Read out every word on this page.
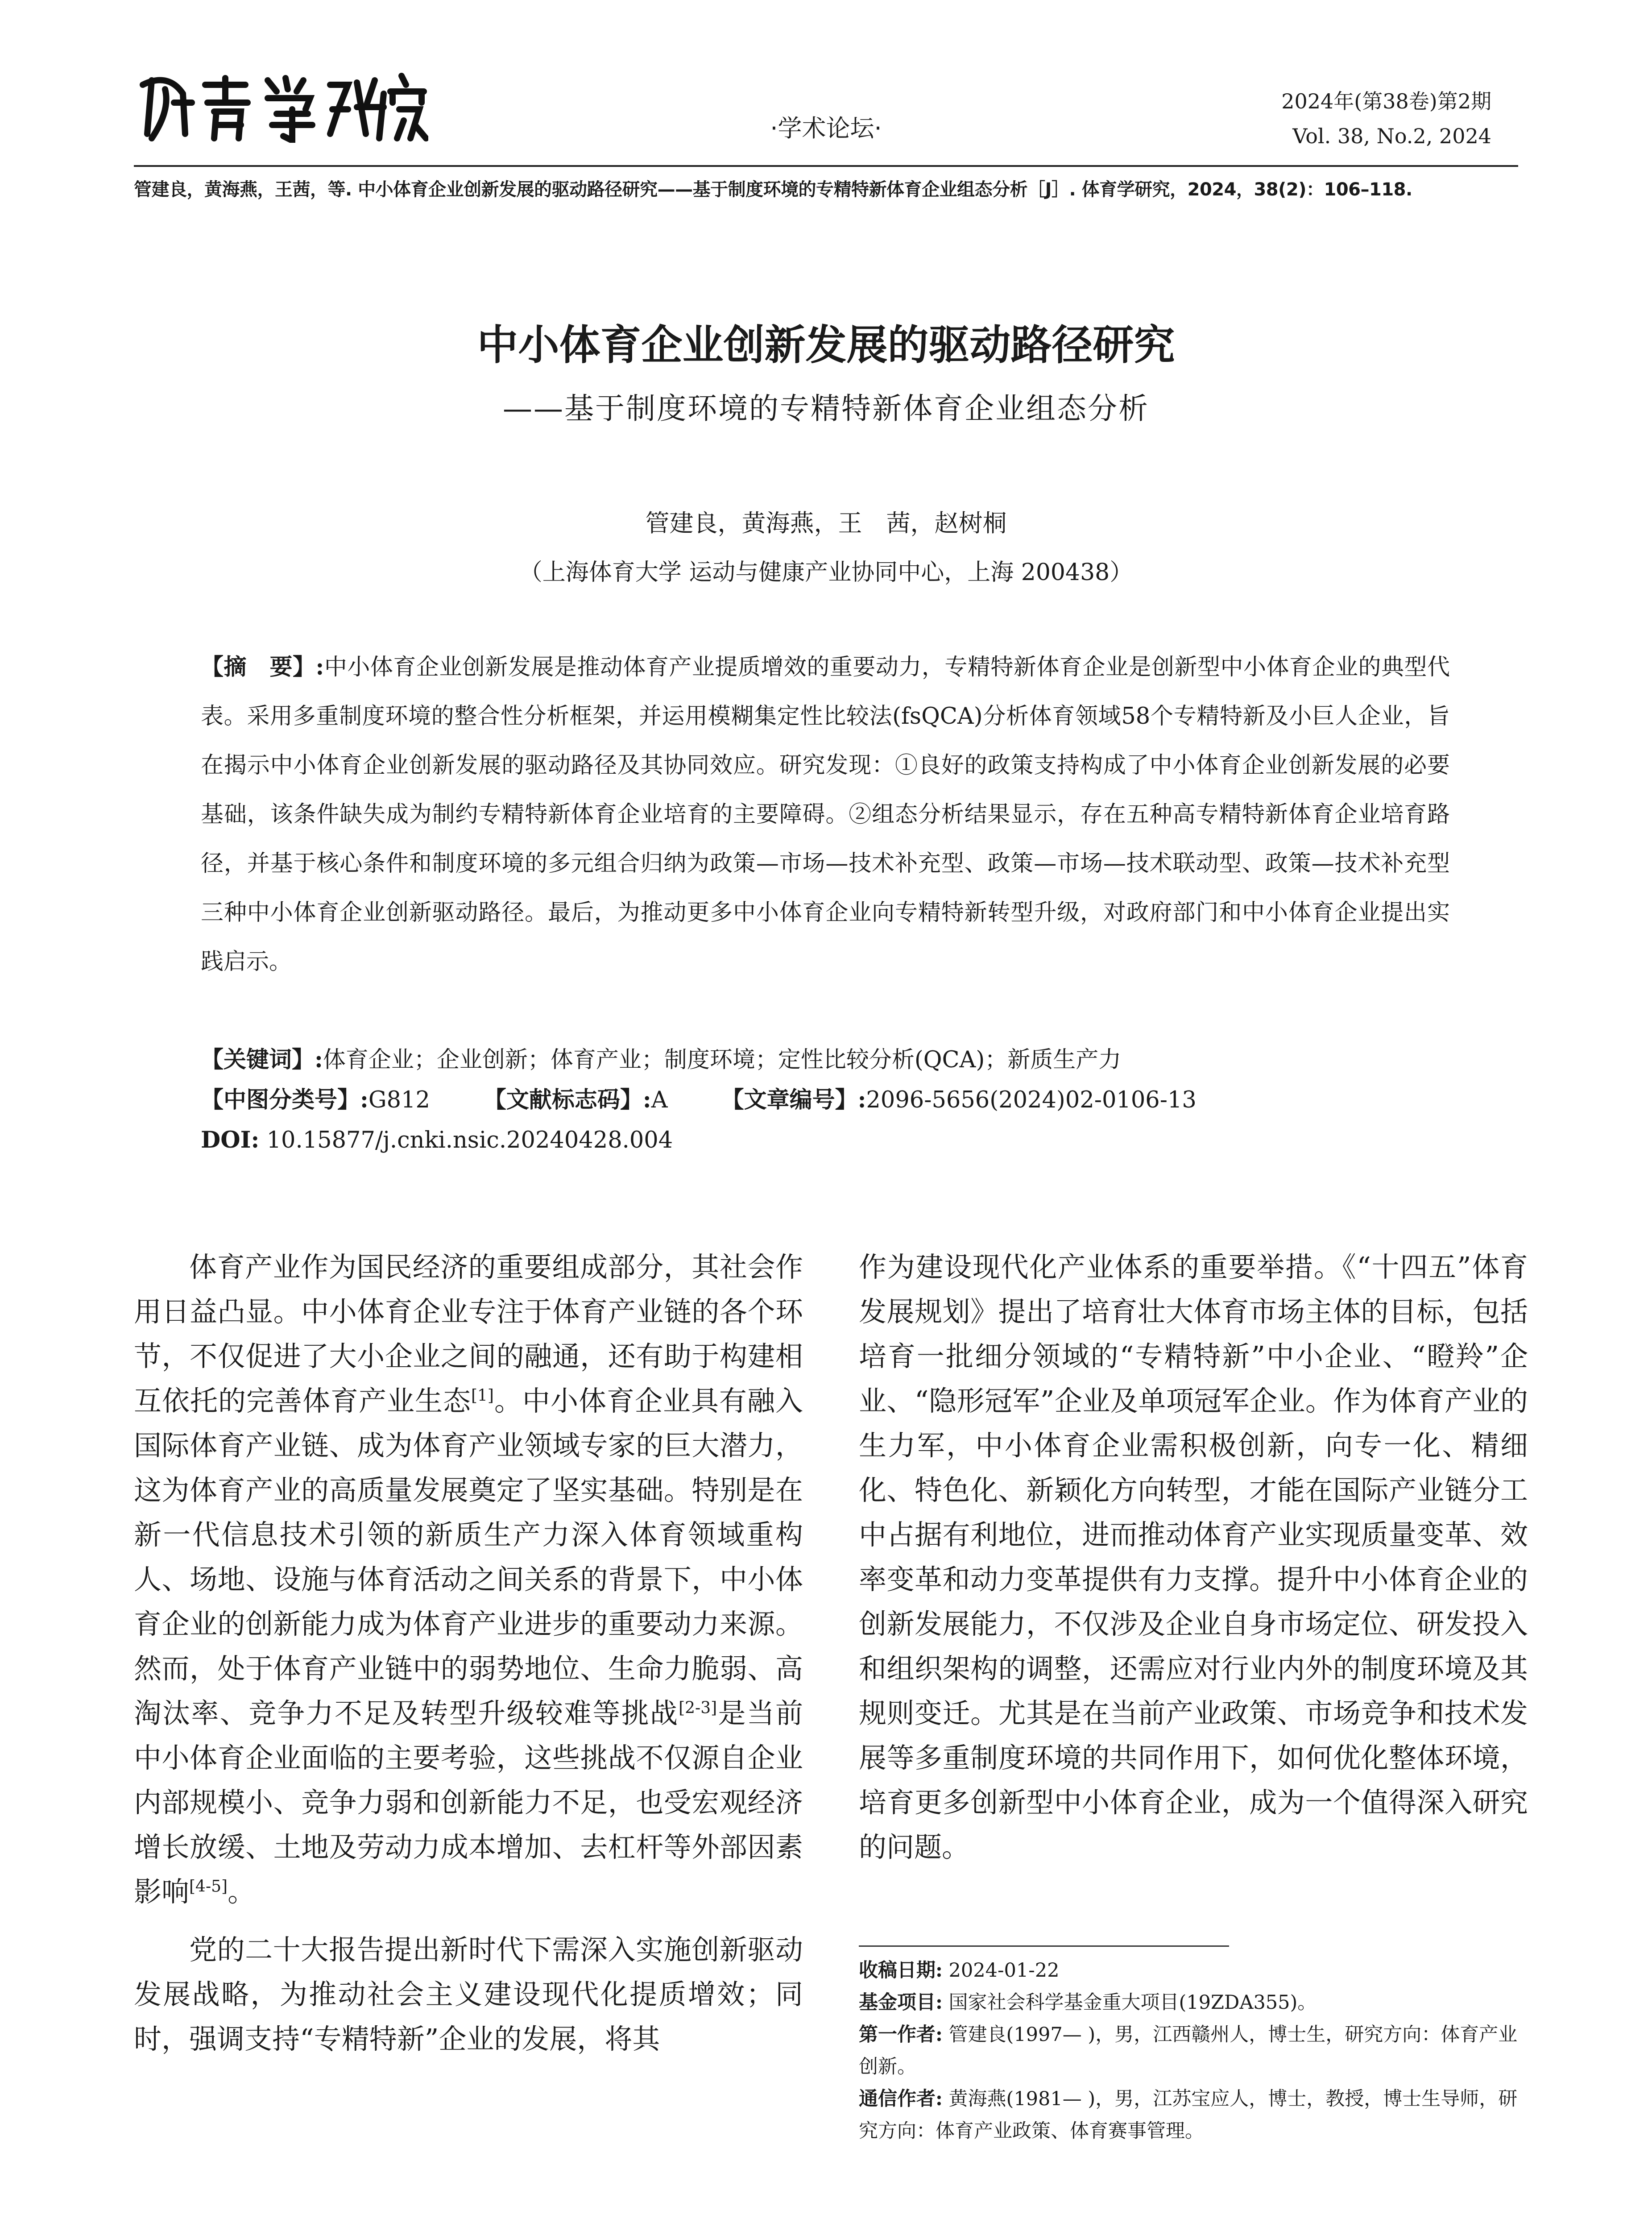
·学术论坛·
2024年(第38卷)第2期
Vol. 38, No.2, 2024
管建良，黄海燕，王茜，等. 中小体育企业创新发展的驱动路径研究——基于制度环境的专精特新体育企业组态分析［J］. 体育学研究，2024，38(2)：106–118.
中小体育企业创新发展的驱动路径研究
——基于制度环境的专精特新体育企业组态分析
管建良，黄海燕，王　茜，赵树桐
（上海体育大学 运动与健康产业协同中心，上海 200438）
【摘　要】:中小体育企业创新发展是推动体育产业提质增效的重要动力，专精特新体育企业是创新型中小体育企业的典型代表。采用多重制度环境的整合性分析框架，并运用模糊集定性比较法(fsQCA)分析体育领域58个专精特新及小巨人企业，旨在揭示中小体育企业创新发展的驱动路径及其协同效应。研究发现：①良好的政策支持构成了中小体育企业创新发展的必要基础，该条件缺失成为制约专精特新体育企业培育的主要障碍。②组态分析结果显示，存在五种高专精特新体育企业培育路径，并基于核心条件和制度环境的多元组合归纳为政策—市场—技术补充型、政策—市场—技术联动型、政策—技术补充型三种中小体育企业创新驱动路径。最后，为推动更多中小体育企业向专精特新转型升级，对政府部门和中小体育企业提出实践启示。
【关键词】:体育企业；企业创新；体育产业；制度环境；定性比较分析(QCA)；新质生产力
【中图分类号】:G812 【文献标志码】:A 【文章编号】:2096-5656(2024)02-0106-13
DOI: 10.15877/j.cnki.nsic.20240428.004

体育产业作为国民经济的重要组成部分，其社会作用日益凸显。中小体育企业专注于体育产业链的各个环节，不仅促进了大小企业之间的融通，还有助于构建相互依托的完善体育产业生态[1]。中小体育企业具有融入国际体育产业链、成为体育产业领域专家的巨大潜力，这为体育产业的高质量发展奠定了坚实基础。特别是在新一代信息技术引领的新质生产力深入体育领域重构人、场地、设施与体育活动之间关系的背景下，中小体育企业的创新能力成为体育产业进步的重要动力来源。然而，处于体育产业链中的弱势地位、生命力脆弱、高淘汰率、竞争力不足及转型升级较难等挑战[2-3]是当前中小体育企业面临的主要考验，这些挑战不仅源自企业内部规模小、竞争力弱和创新能力不足，也受宏观经济增长放缓、土地及劳动力成本增加、去杠杆等外部因素影响[4-5]。

党的二十大报告提出新时代下需深入实施创新驱动发展战略，为推动社会主义建设现代化提质增效；同时，强调支持“专精特新”企业的发展，将其

作为建设现代化产业体系的重要举措。《“十四五”体育发展规划》提出了培育壮大体育市场主体的目标，包括培育一批细分领域的“专精特新”中小企业、“瞪羚”企业、“隐形冠军”企业及单项冠军企业。作为体育产业的生力军，中小体育企业需积极创新，向专一化、精细化、特色化、新颖化方向转型，才能在国际产业链分工中占据有利地位，进而推动体育产业实现质量变革、效率变革和动力变革提供有力支撑。提升中小体育企业的创新发展能力，不仅涉及企业自身市场定位、研发投入和组织架构的调整，还需应对行业内外的制度环境及其规则变迁。尤其是在当前产业政策、市场竞争和技术发展等多重制度环境的共同作用下，如何优化整体环境，培育更多创新型中小体育企业，成为一个值得深入研究的问题。

收稿日期: 2024-01-22
基金项目: 国家社会科学基金重大项目(19ZDA355)。
第一作者: 管建良(1997— )，男，江西赣州人，博士生，研究方向：体育产业创新。
通信作者: 黄海燕(1981— )，男，江苏宝应人，博士，教授，博士生导师，研究方向：体育产业政策、体育赛事管理。
